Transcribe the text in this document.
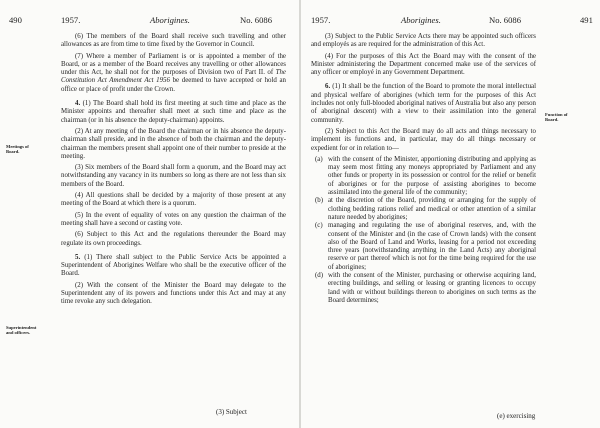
490	1957.	Aborigines.	No. 6086
Meetings of Board.
Superintendent and officers.

(6) The members of the Board shall receive such travelling and other allowances as are from time to time fixed by the Governor in Council.

(7) Where a member of Parliament is or is appointed a member of the Board, or as a member of the Board receives any travelling or other allowances under this Act, he shall not for the purposes of Division two of Part II. of The Constitution Act Amendment Act 1956 be deemed to have accepted or hold an office or place of profit under the Crown.

4. (1) The Board shall hold its first meeting at such time and place as the Minister appoints and thereafter shall meet at such time and place as the chairman (or in his absence the deputy-chairman) appoints.

(2) At any meeting of the Board the chairman or in his absence the deputy-chairman shall preside, and in the absence of both the chairman and the deputy-chairman the members present shall appoint one of their number to preside at the meeting.

(3) Six members of the Board shall form a quorum, and the Board may act notwithstanding any vacancy in its numbers so long as there are not less than six members of the Board.

(4) All questions shall be decided by a majority of those present at any meeting of the Board at which there is a quorum.

(5) In the event of equality of votes on any question the chairman of the meeting shall have a second or casting vote.

(6) Subject to this Act and the regulations thereunder the Board may regulate its own proceedings.

5. (1) There shall subject to the Public Service Acts be appointed a Superintendent of Aborigines Welfare who shall be the executive officer of the Board.

(2) With the consent of the Minister the Board may delegate to the Superintendent any of its powers and functions under this Act and may at any time revoke any such delegation.

(3) Subject
1957.	Aborigines.	No. 6086	491
Function of Board.

(3) Subject to the Public Service Acts there may be appointed such officers and employés as are required for the administration of this Act.

(4) For the purposes of this Act the Board may with the consent of the Minister administering the Department concerned make use of the services of any officer or employé in any Government Department.

6. (1) It shall be the function of the Board to promote the moral intellectual and physical welfare of aborigines (which term for the purposes of this Act includes not only full-blooded aboriginal natives of Australia but also any person of aboriginal descent) with a view to their assimilation into the general community.

(2) Subject to this Act the Board may do all acts and things necessary to implement its functions and, in particular, may do all things necessary or expedient for or in relation to—

(a) with the consent of the Minister, apportioning distributing and applying as may seem most fitting any moneys appropriated by Parliament and any other funds or property in its possession or control for the relief or benefit of aborigines or for the purpose of assisting aborigines to become assimilated into the general life of the community;
(b) at the discretion of the Board, providing or arranging for the supply of clothing bedding rations relief and medical or other attention of a similar nature needed by aborigines;
(c) managing and regulating the use of aboriginal reserves, and, with the consent of the Minister and (in the case of Crown lands) with the consent also of the Board of Land and Works, leasing for a period not exceeding three years (notwithstanding anything in the Land Acts) any aboriginal reserve or part thereof which is not for the time being required for the use of aborigines;
(d) with the consent of the Minister, purchasing or otherwise acquiring land, erecting buildings, and selling or leasing or granting licences to occupy land with or without buildings thereon to aborigines on such terms as the Board determines;
(e) exercising
